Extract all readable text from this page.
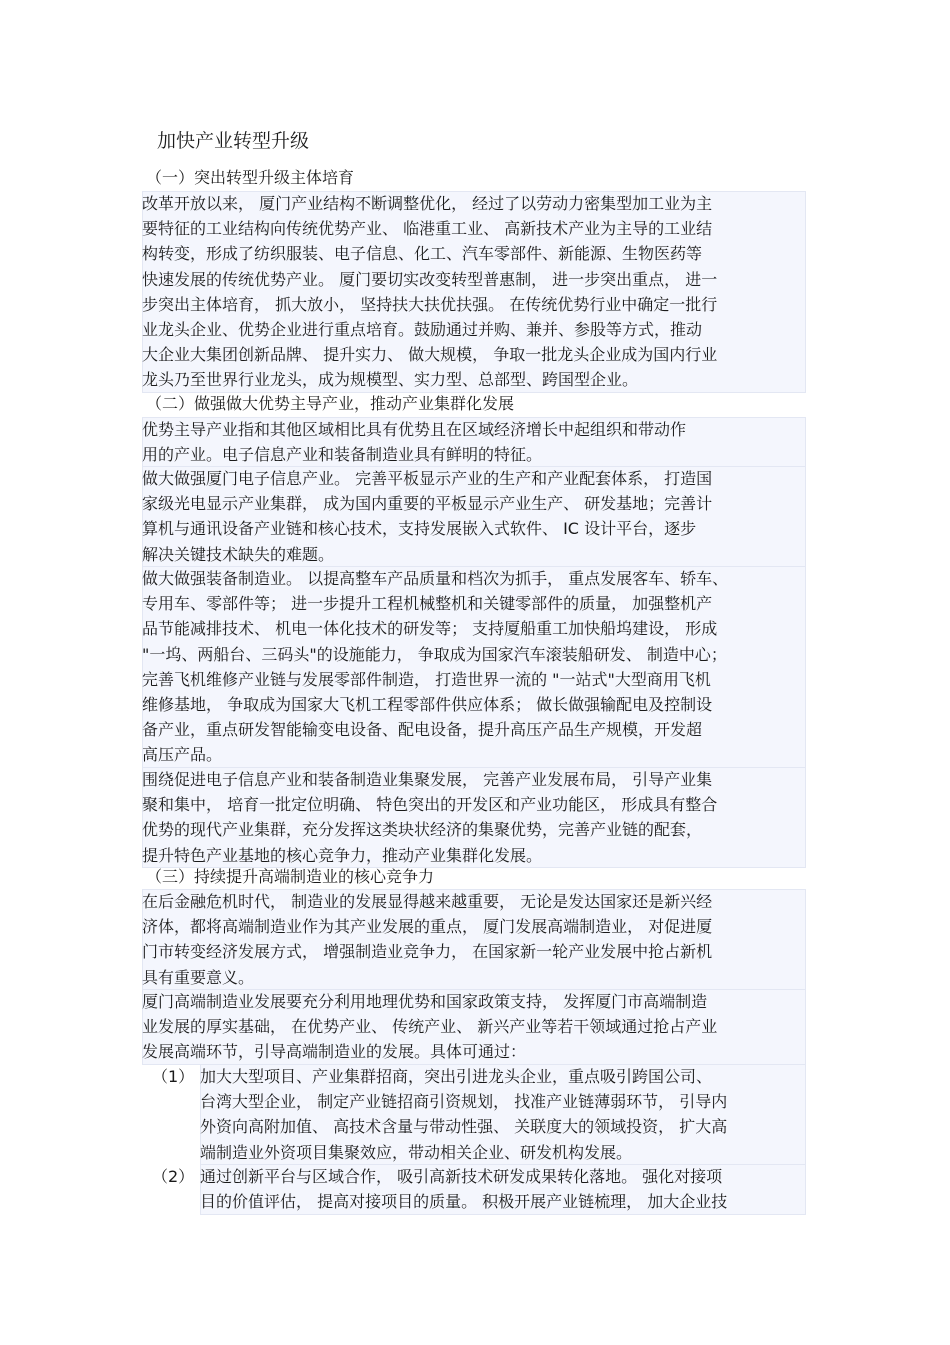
加快产业转型升级
（一）突出转型升级主体培育
改革开放以来， 厦门产业结构不断调整优化， 经过了以劳动力密集型加工业为主
要特征的工业结构向传统优势产业、 临港重工业、 高新技术产业为主导的工业结
构转变，形成了纺织服装、电子信息、化工、汽车零部件、新能源、生物医药等
快速发展的传统优势产业。 厦门要切实改变转型普惠制， 进一步突出重点， 进一
步突出主体培育， 抓大放小， 坚持扶大扶优扶强。 在传统优势行业中确定一批行
业龙头企业、优势企业进行重点培育。鼓励通过并购、兼并、参股等方式，推动
大企业大集团创新品牌、 提升实力、 做大规模， 争取一批龙头企业成为国内行业
龙头乃至世界行业龙头，成为规模型、实力型、总部型、跨国型企业。
（二）做强做大优势主导产业，推动产业集群化发展
优势主导产业指和其他区域相比具有优势且在区域经济增长中起组织和带动作
用的产业。电子信息产业和装备制造业具有鲜明的特征。
做大做强厦门电子信息产业。 完善平板显示产业的生产和产业配套体系， 打造国
家级光电显示产业集群， 成为国内重要的平板显示产业生产、 研发基地；完善计
算机与通讯设备产业链和核心技术，支持发展嵌入式软件、 IC 设计平台，逐步
解决关键技术缺失的难题。
做大做强装备制造业。 以提高整车产品质量和档次为抓手， 重点发展客车、轿车、
专用车、零部件等； 进一步提升工程机械整机和关键零部件的质量， 加强整机产
品节能减排技术、 机电一体化技术的研发等； 支持厦船重工加快船坞建设， 形成
"一坞、两船台、三码头"的设施能力， 争取成为国家汽车滚装船研发、 制造中心；
完善飞机维修产业链与发展零部件制造， 打造世界一流的 "一站式"大型商用飞机
维修基地， 争取成为国家大飞机工程零部件供应体系； 做长做强输配电及控制设
备产业，重点研发智能输变电设备、配电设备，提升高压产品生产规模，开发超
高压产品。
围绕促进电子信息产业和装备制造业集聚发展， 完善产业发展布局， 引导产业集
聚和集中， 培育一批定位明确、 特色突出的开发区和产业功能区， 形成具有整合
优势的现代产业集群，充分发挥这类块状经济的集聚优势，完善产业链的配套，
提升特色产业基地的核心竞争力，推动产业集群化发展。
（三）持续提升高端制造业的核心竞争力
在后金融危机时代， 制造业的发展显得越来越重要， 无论是发达国家还是新兴经
济体，都将高端制造业作为其产业发展的重点， 厦门发展高端制造业， 对促进厦
门市转变经济发展方式， 增强制造业竞争力， 在国家新一轮产业发展中抢占新机
具有重要意义。
厦门高端制造业发展要充分利用地理优势和国家政策支持， 发挥厦门市高端制造
业发展的厚实基础， 在优势产业、 传统产业、 新兴产业等若干领域通过抢占产业
发展高端环节，引导高端制造业的发展。具体可通过：
（1） 加大大型项目、产业集群招商，突出引进龙头企业，重点吸引跨国公司、
台湾大型企业， 制定产业链招商引资规划， 找准产业链薄弱环节， 引导内
外资向高附加值、 高技术含量与带动性强、 关联度大的领域投资， 扩大高
端制造业外资项目集聚效应，带动相关企业、研发机构发展。
（2） 通过创新平台与区域合作， 吸引高新技术研发成果转化落地。 强化对接项
目的价值评估， 提高对接项目的质量。 积极开展产业链梳理， 加大企业技
